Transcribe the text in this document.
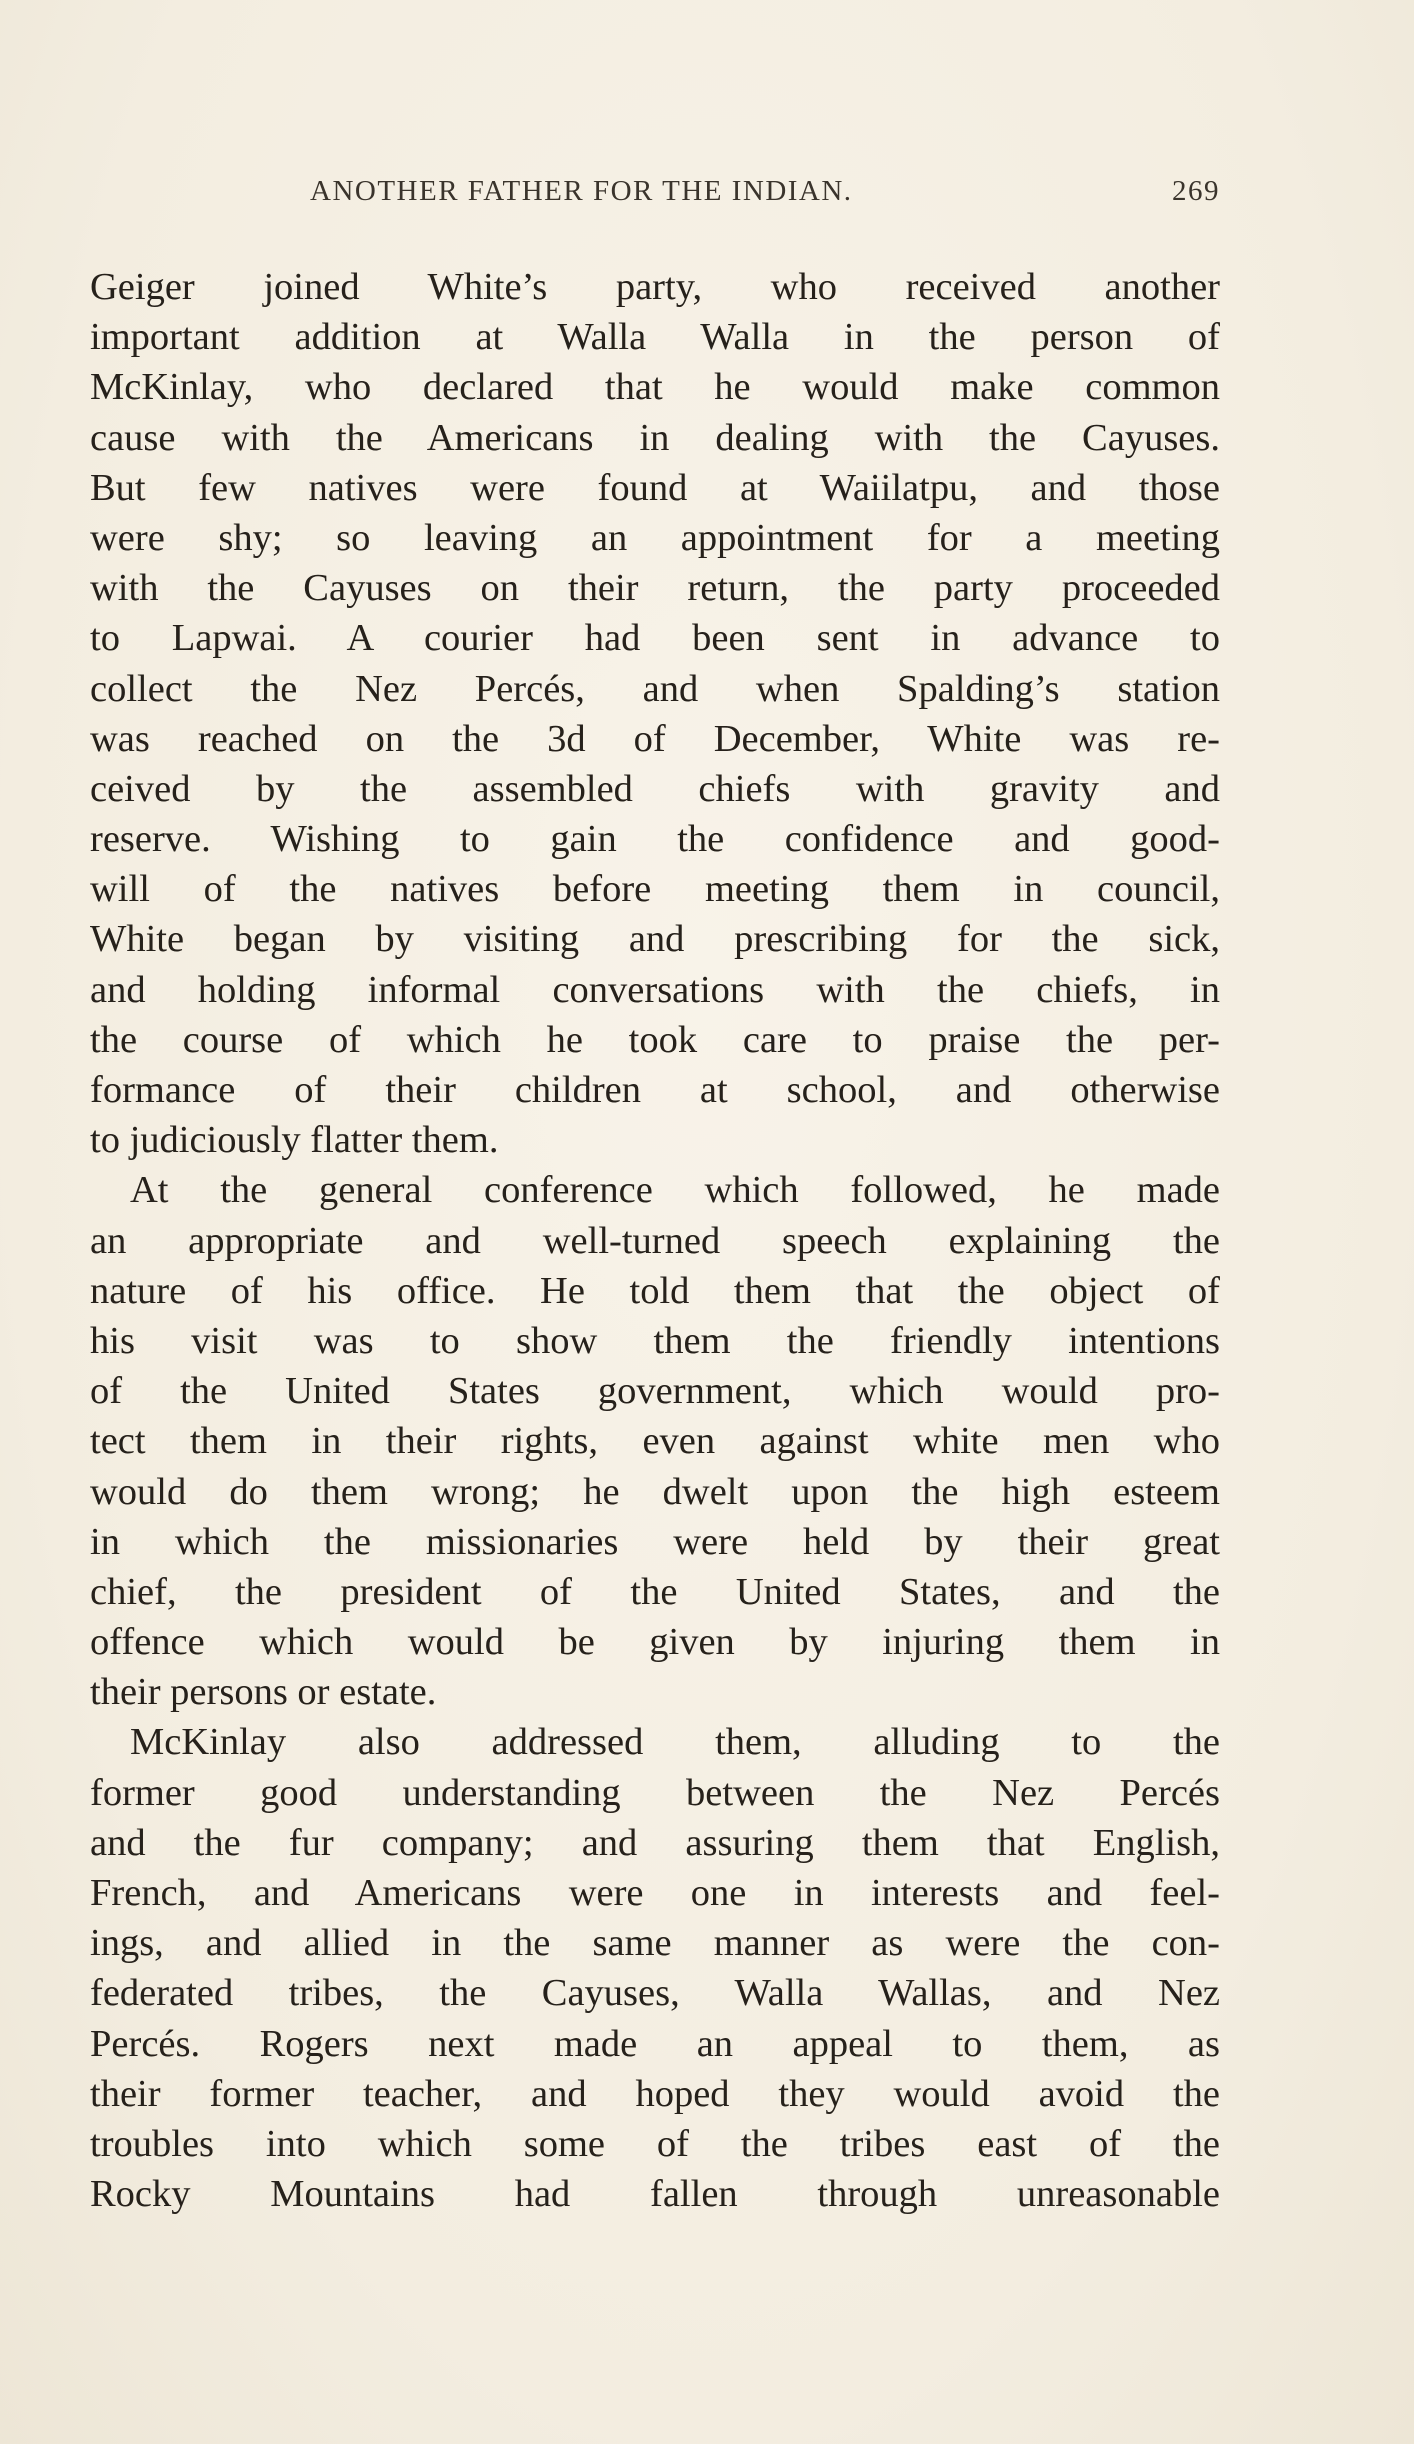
ANOTHER FATHER FOR THE INDIAN.	269
Geiger joined White’s party, who received another
important addition at Walla Walla in the person of
McKinlay, who declared that he would make common
cause with the Americans in dealing with the Cayuses.
But few natives were found at Waiilatpu, and those
were shy; so leaving an appointment for a meeting
with the Cayuses on their return, the party proceeded
to Lapwai. A courier had been sent in advance to
collect the Nez Percés, and when Spalding’s station
was reached on the 3d of December, White was re-
ceived by the assembled chiefs with gravity and
reserve. Wishing to gain the confidence and good-
will of the natives before meeting them in council,
White began by visiting and prescribing for the sick,
and holding informal conversations with the chiefs, in
the course of which he took care to praise the per-
formance of their children at school, and otherwise
to judiciously flatter them.
At the general conference which followed, he made
an appropriate and well-turned speech explaining the
nature of his office. He told them that the object of
his visit was to show them the friendly intentions
of the United States government, which would pro-
tect them in their rights, even against white men who
would do them wrong; he dwelt upon the high esteem
in which the missionaries were held by their great
chief, the president of the United States, and the
offence which would be given by injuring them in
their persons or estate.
McKinlay also addressed them, alluding to the
former good understanding between the Nez Percés
and the fur company; and assuring them that English,
French, and Americans were one in interests and feel-
ings, and allied in the same manner as were the con-
federated tribes, the Cayuses, Walla Wallas, and Nez
Percés. Rogers next made an appeal to them, as
their former teacher, and hoped they would avoid the
troubles into which some of the tribes east of the
Rocky Mountains had fallen through unreasonable
